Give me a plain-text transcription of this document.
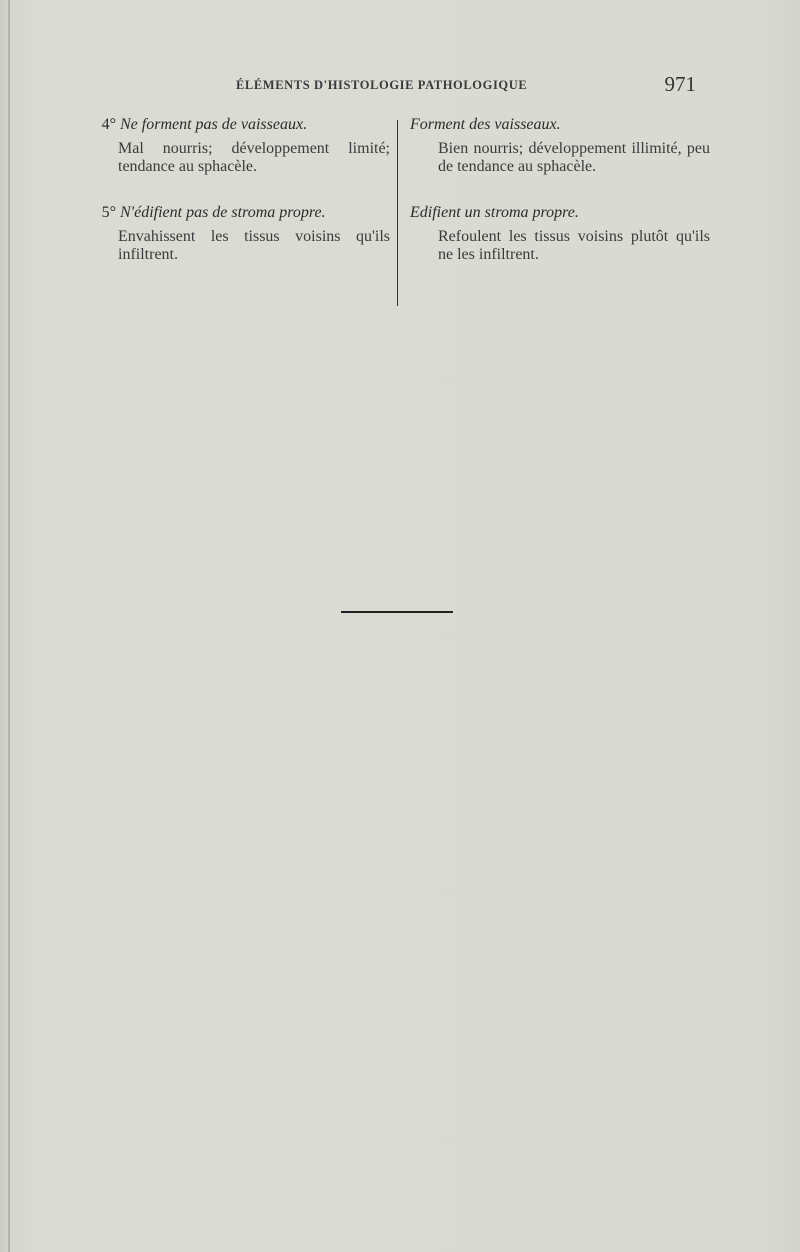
ÉLÉMENTS D'HISTOLOGIE PATHOLOGIQUE	971

4° Ne forment pas de vaisseaux.

Mal nourris; développement limité; tendance au sphacèle.

5° N'édifient pas de stroma propre.

Envahissent les tissus voisins qu'ils infiltrent.

Forment des vaisseaux.

Bien nourris; développement illimité, peu de tendance au sphacèle.

Edifient un stroma propre.

Refoulent les tissus voisins plutôt qu'ils ne les infiltrent.
